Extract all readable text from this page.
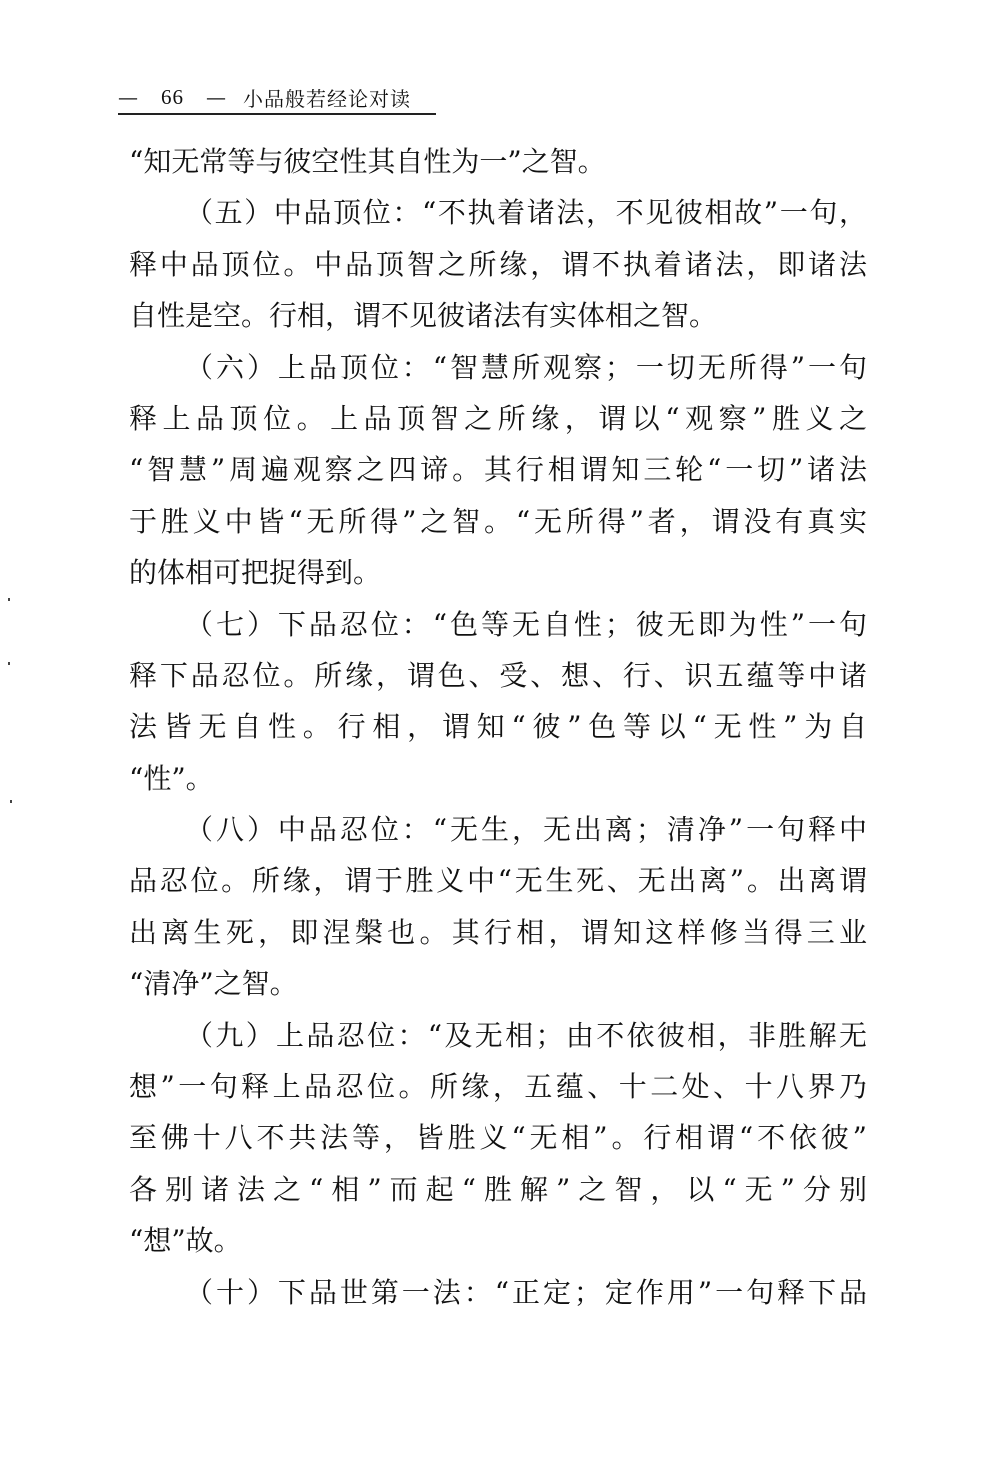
— 66 — 小品般若经论对读
“知无常等与彼空性其自性为一”之智。
（五）中品顶位：“不执着诸法，不见彼相故”一句，
释中品顶位。中品顶智之所缘，谓不执着诸法，即诸法
自性是空。行相，谓不见彼诸法有实体相之智。
（六）上品顶位：“智慧所观察；一切无所得”一句
释上品顶位。上品顶智之所缘，谓以“观察”胜义之
“智慧”周遍观察之四谛。其行相谓知三轮“一切”诸法
于胜义中皆“无所得”之智。“无所得”者，谓没有真实
的体相可把捉得到。
（七）下品忍位：“色等无自性；彼无即为性”一句
释下品忍位。所缘，谓色、受、想、行、识五蕴等中诸
法皆无自性。行相，谓知“彼”色等以“无性”为自
“性”。
（八）中品忍位：“无生，无出离；清净”一句释中
品忍位。所缘，谓于胜义中“无生死、无出离”。出离谓
出离生死，即涅槃也。其行相，谓知这样修当得三业
“清净”之智。
（九）上品忍位：“及无相；由不依彼相，非胜解无
想”一句释上品忍位。所缘，五蕴、十二处、十八界乃
至佛十八不共法等，皆胜义“无相”。行相谓“不依彼”
各别诸法之“相”而起“胜解”之智，以“无”分别
“想”故。
（十）下品世第一法：“正定；定作用”一句释下品
